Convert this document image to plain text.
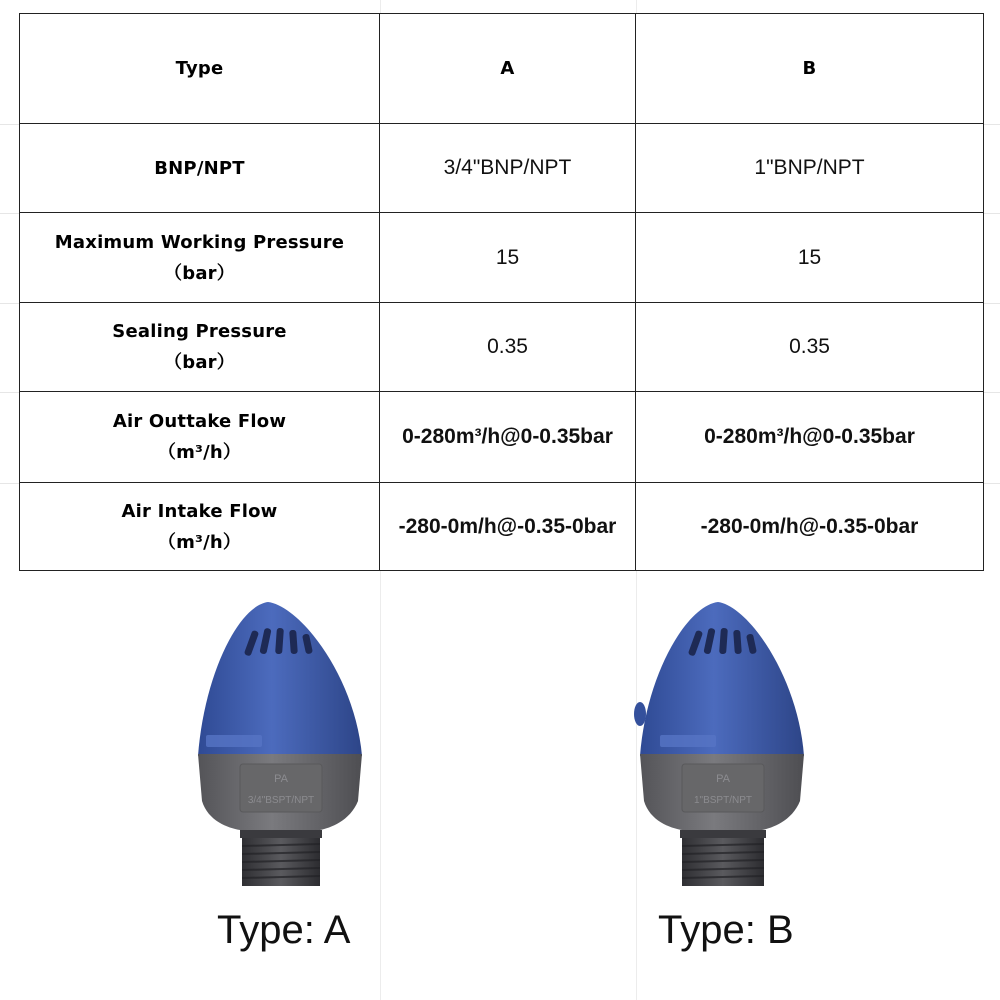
Type	A	B
BNP/NPT	3/4"BNP/NPT	1"BNP/NPT

Maximum Working Pressure
（bar）	15	15

Sealing Pressure
（bar）	0.35	0.35

Air Outtake Flow
（m³/h）	0-280m³/h@0-0.35bar	0-280m³/h@0-0.35bar

Air Intake Flow
（m³/h）	-280-0m/h@-0.35-0bar	-280-0m/h@-0.35-0bar
PA
3/4"BSPT/NPT
Type: A
PA
1"BSPT/NPT
Type: B
